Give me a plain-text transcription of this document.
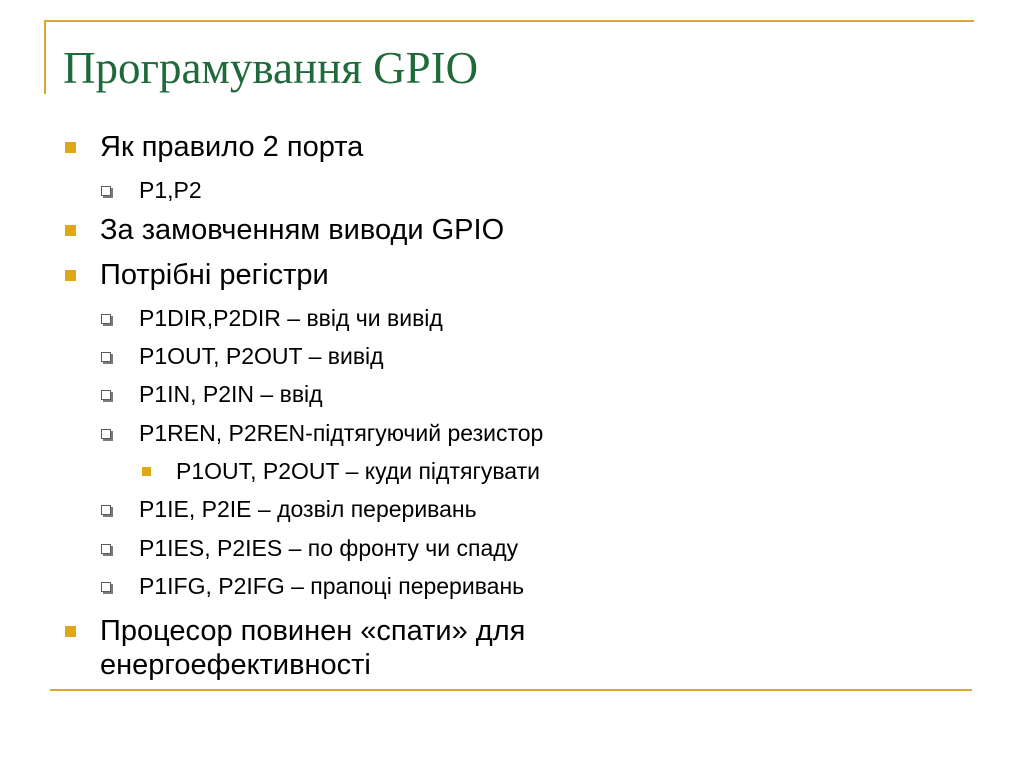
Програмування GPIO
Як правило 2 порта
P1,P2
За замовченням виводи GPIO
Потрібні регістри
P1DIR,P2DIR – ввід чи вивід
P1OUT, P2OUT – вивід
P1IN, P2IN – ввід
P1REN, P2REN-підтягуючий резистор
P1OUT, P2OUT – куди підтягувати
P1IE, P2IE – дозвіл переривань
P1IES, P2IES – по фронту чи спаду
P1IFG, P2IFG – прапоці переривань
Процесор повинен «спати» для
енергоефективності
